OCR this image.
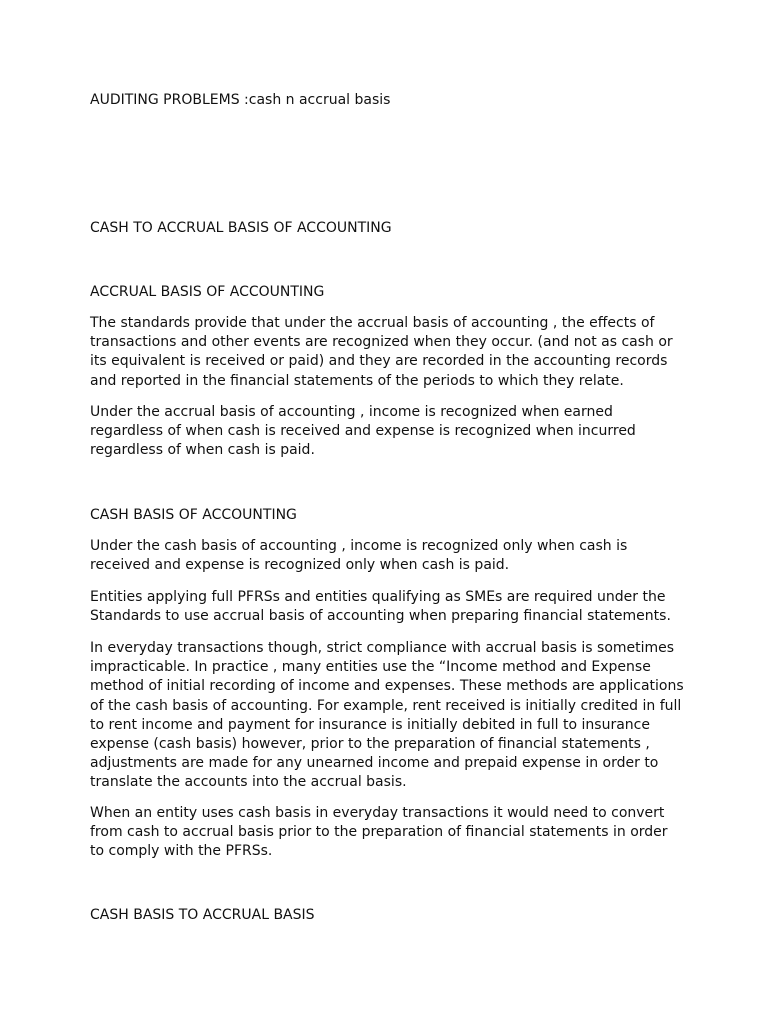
AUDITING PROBLEMS :cash n accrual basis

CASH TO ACCRUAL BASIS OF ACCOUNTING

ACCRUAL BASIS OF ACCOUNTING

The standards provide that under the accrual basis of accounting , the effects of transactions and other events are recognized when they occur. (and not as cash or its equivalent is received or paid) and they are recorded in the accounting records and reported in the financial statements of the periods to which they relate.

Under the accrual basis of accounting , income is recognized when earned regardless of when cash is received and expense is recognized when incurred regardless of when cash is paid.

CASH BASIS OF ACCOUNTING

Under the cash basis of accounting , income is recognized only when cash is received and expense is recognized only when cash is paid.

Entities applying full PFRSs and entities qualifying as SMEs are required under the Standards to use accrual basis of accounting when preparing financial statements.

In everyday transactions though, strict compliance with accrual basis is sometimes impracticable. In practice , many entities use the “Income method and Expense method of initial recording of income and expenses. These methods are applications of the cash basis of accounting. For example, rent received is initially credited in full to rent income and payment for insurance is initially debited in full to insurance expense (cash basis) however, prior to the preparation of financial statements , adjustments are made for any unearned income and prepaid expense in order to translate the accounts into the accrual basis.

When an entity uses cash basis in everyday transactions it would need to convert from cash to accrual basis prior to the preparation of financial statements in order to comply with the PFRSs.

CASH BASIS TO ACCRUAL BASIS
